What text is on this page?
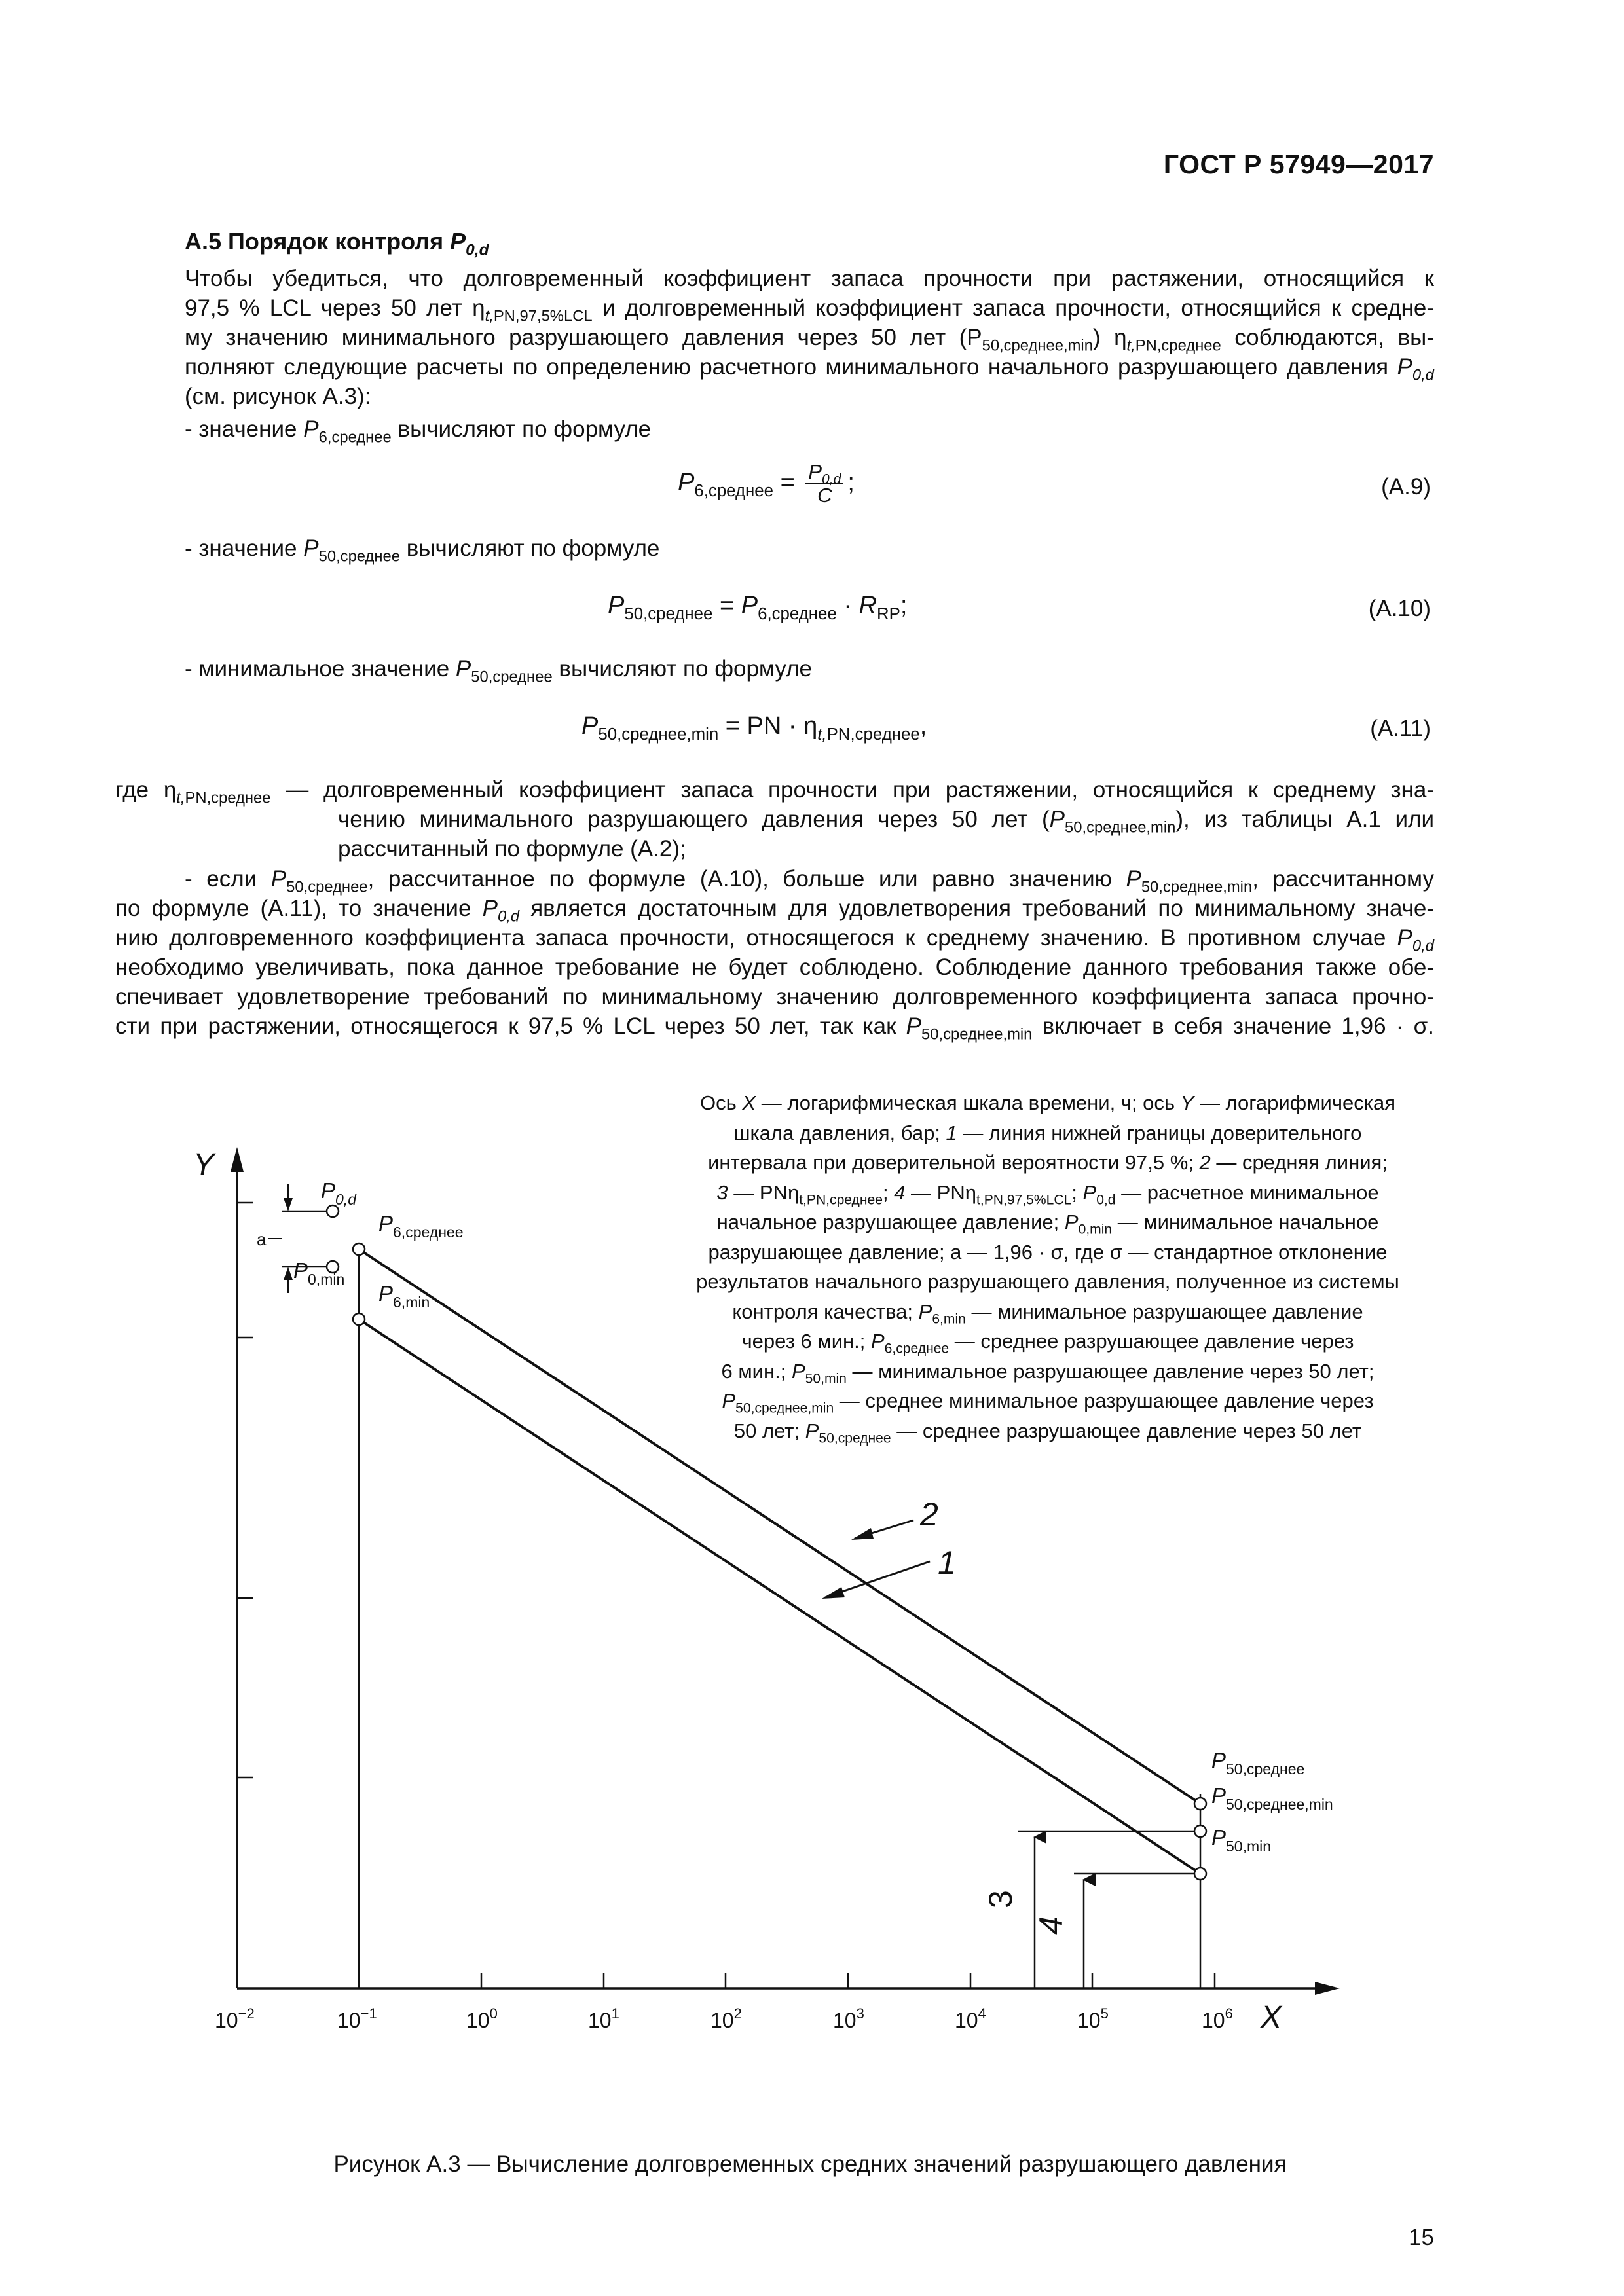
ГОСТ Р 57949—2017
А.5 Порядок контроля $P_{0,d}$
Чтобы убедиться, что долговременный коэффициент запаса прочности при растяжении, относящийся к
97,5 % LCL через 50 лет $\eta_{t,PN,97,5\%LCL}$ и долговременный коэффициент запаса прочности, относящийся к средне-
му значению минимального разрушающего давления через 50 лет $(P_{50,среднее,min})$ $\eta_{t,PN,среднее}$ соблюдаются, вы-
полняют следующие расчеты по определению расчетного минимального начального разрушающего давления $P_{0,d}$
(см. рисунок А.3):
- значение $P_{6,среднее}$ вычисляют по формуле
$P_{6,среднее} = \frac{P_{0,d}}{C}$ ;	(А.9)
- значение $P_{50,среднее}$ вычисляют по формуле
$P_{50,среднее} = P_{6,среднее} \cdot R_{RP}$;	(А.10)
- минимальное значение $P_{50,среднее}$ вычисляют по формуле
$P_{50,среднее,min}$ = PN · $\eta_{t,PN,среднее}$,	(А.11)
где $\eta_{t,PN,среднее}$ — долговременный коэффициент запаса прочности при растяжении, относящийся к среднему зна-
чению минимального разрушающего давления через 50 лет $(P_{50,среднее,min})$, из таблицы А.1 или
рассчитанный по формуле (А.2);
- если $P_{50,среднее}$, рассчитанное по формуле (А.10), больше или равно значению $P_{50,среднее,min}$, рассчитанному
по формуле (А.11), то значение $P_{0,d}$ является достаточным для удовлетворения требований по минимальному значе-
нию долговременного коэффициента запаса прочности, относящегося к среднему значению. В противном случае $P_{0,d}$
необходимо увеличивать, пока данное требование не будет соблюдено. Соблюдение данного требования также обе-
спечивает удовлетворение требований по минимальному значению долговременного коэффициента запаса прочно-
сти при растяжении, относящегося к 97,5 % LCL через 50 лет, так как $P_{50,среднее,min}$ включает в себя значение 1,96 · σ.
Ось X — логарифмическая шкала времени, ч; ось Y — логарифмическая
шкала давления, бар; 1 — линия нижней границы доверительного
интервала при доверительной вероятности 97,5 %; 2 — средняя линия;
3 — PNη$_{t,PN,среднее}$; 4 — PNη$_{t,PN,97,5\%LCL}$; $P_{0,d}$ — расчетное минимальное
начальное разрушающее давление; $P_{0,min}$ — минимальное начальное
разрушающее давление; а — 1,96 · σ, где σ — стандартное отклонение
результатов начального разрушающего давления, полученное из системы
контроля качества; $P_{6,min}$ — минимальное разрушающее давление
через 6 мин.; $P_{6,среднее}$ — среднее разрушающее давление через
6 мин.; $P_{50,min}$ — минимальное разрушающее давление через 50 лет;
$P_{50,среднее,min}$ — среднее минимальное разрушающее давление через
50 лет; $P_{50,среднее}$ — среднее разрушающее давление через 50 лет
Y
X
$10^{-2}$	$10^{-1}$	$10^0$	$10^1$	$10^2$	$10^3$	$10^4$	$10^5$	$10^6$
$P_{0,d}$
$P_{0,min}$
$P_{6,среднее}$
$P_{6,min}$
$P_{50,среднее}$
$P_{50,среднее,min}$
$P_{50,min}$
a
2
1
3
4
Рисунок А.3 — Вычисление долговременных средних значений разрушающего давления
15
